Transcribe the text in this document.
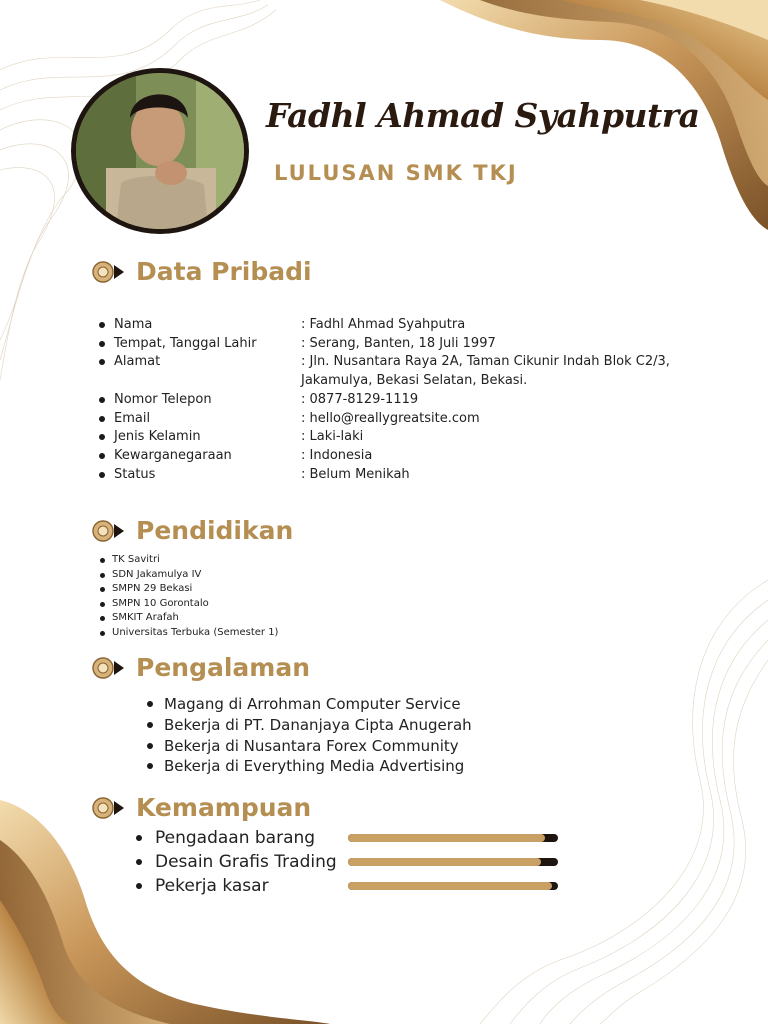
Fadhl Ahmad Syahputra
LULUSAN SMK TKJ
Data Pribadi
Nama	: Fadhl Ahmad Syahputra
Tempat, Tanggal Lahir	: Serang, Banten, 18 Juli 1997
Alamat	: Jln. Nusantara Raya 2A, Taman Cikunir Indah Blok C2/3,
Jakamulya, Bekasi Selatan, Bekasi.
Nomor Telepon	: 0877-8129-1119
Email	: hello@reallygreatsite.com
Jenis Kelamin	: Laki-laki
Kewarganegaraan	: Indonesia
Status	: Belum Menikah
Pendidikan
TK Savitri
SDN Jakamulya IV
SMPN 29 Bekasi
SMPN 10 Gorontalo
SMKIT Arafah
Universitas Terbuka (Semester 1)
Pengalaman
Magang di Arrohman Computer Service
Bekerja di PT. Dananjaya Cipta Anugerah
Bekerja di Nusantara Forex Community
Bekerja di Everything Media Advertising
Kemampuan
Pengadaan barang
Desain Grafis Trading
Pekerja kasar
